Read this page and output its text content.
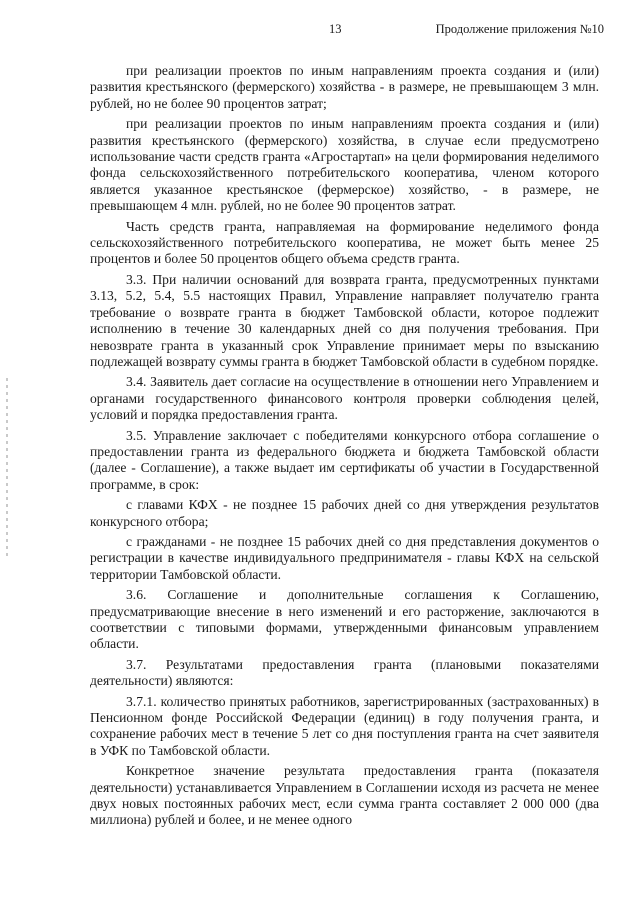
13	Продолжение приложения №10

при реализации проектов по иным направлениям проекта создания и (или) развития крестьянского (фермерского) хозяйства - в размере, не превышающем 3 млн. рублей, но не более 90 процентов затрат;

при реализации проектов по иным направлениям проекта создания и (или) развития крестьянского (фермерского) хозяйства, в случае если предусмотрено использование части средств гранта «Агростартап» на цели формирования неделимого фонда сельскохозяйственного потребительского кооператива, членом которого является указанное крестьянское (фермерское) хозяйство, - в размере, не превышающем 4 млн. рублей, но не более 90 процентов затрат.

Часть средств гранта, направляемая на формирование неделимого фонда сельскохозяйственного потребительского кооператива, не может быть менее 25 процентов и более 50 процентов общего объема средств гранта.

3.3. При наличии оснований для возврата гранта, предусмотренных пунктами 3.13, 5.2, 5.4, 5.5 настоящих Правил, Управление направляет получателю гранта требование о возврате гранта в бюджет Тамбовской области, которое подлежит исполнению в течение 30 календарных дней со дня получения требования. При невозврате гранта в указанный срок Управление принимает меры по взысканию подлежащей возврату суммы гранта в бюджет Тамбовской области в судебном порядке.

3.4. Заявитель дает согласие на осуществление в отношении него Управлением и органами государственного финансового контроля проверки соблюдения целей, условий и порядка предоставления гранта.

3.5. Управление заключает с победителями конкурсного отбора соглашение о предоставлении гранта из федерального бюджета и бюджета Тамбовской области (далее - Соглашение), а также выдает им сертификаты об участии в Государственной программе, в срок:

с главами КФХ - не позднее 15 рабочих дней со дня утверждения результатов конкурсного отбора;

с гражданами - не позднее 15 рабочих дней со дня представления документов о регистрации в качестве индивидуального предпринимателя - главы КФХ на сельской территории Тамбовской области.

3.6. Соглашение и дополнительные соглашения к Соглашению, предусматривающие внесение в него изменений и его расторжение, заключаются в соответствии с типовыми формами, утвержденными финансовым управлением области.

3.7. Результатами предоставления гранта (плановыми показателями деятельности) являются:

3.7.1. количество принятых работников, зарегистрированных (застрахованных) в Пенсионном фонде Российской Федерации (единиц) в году получения гранта, и сохранение рабочих мест в течение 5 лет со дня поступления гранта на счет заявителя в УФК по Тамбовской области.

Конкретное значение результата предоставления гранта (показателя деятельности) устанавливается Управлением в Соглашении исходя из расчета не менее двух новых постоянных рабочих мест, если сумма гранта составляет 2 000 000 (два миллиона) рублей и более, и не менее одного
